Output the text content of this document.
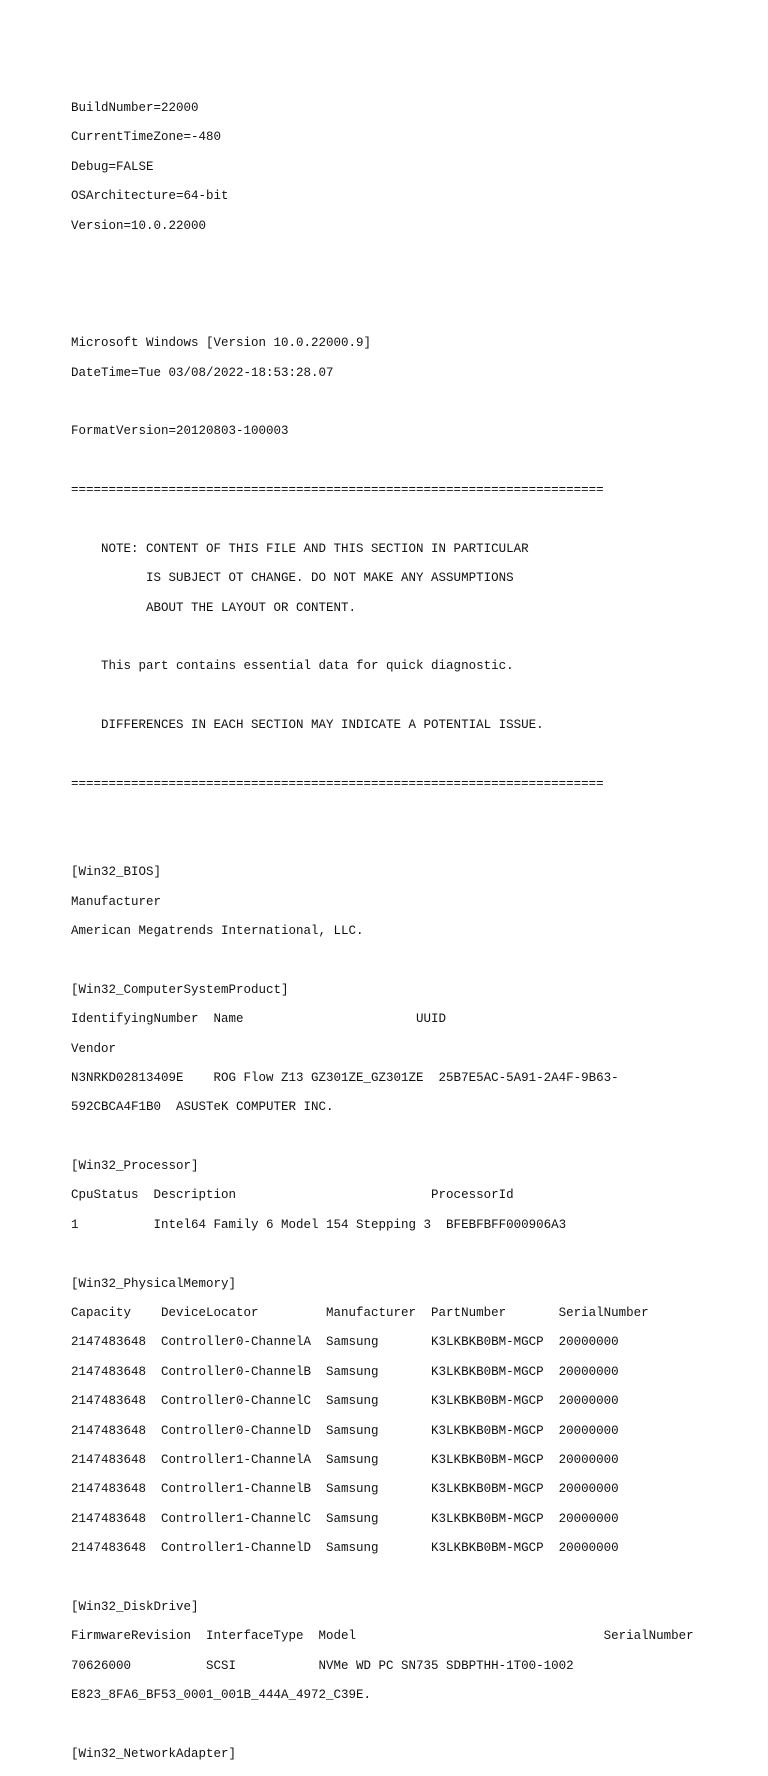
BuildNumber=22000

CurrentTimeZone=-480

Debug=FALSE

OSArchitecture=64-bit

Version=10.0.22000

Microsoft Windows [Version 10.0.22000.9]

DateTime=Tue 03/08/2022-18:53:28.07

FormatVersion=20120803-100003

=======================================================================

NOTE: CONTENT OF THIS FILE AND THIS SECTION IN PARTICULAR

IS SUBJECT OT CHANGE. DO NOT MAKE ANY ASSUMPTIONS

ABOUT THE LAYOUT OR CONTENT.

This part contains essential data for quick diagnostic.

DIFFERENCES IN EACH SECTION MAY INDICATE A POTENTIAL ISSUE.

=======================================================================

[Win32_BIOS]

Manufacturer

American Megatrends International, LLC.

[Win32_ComputerSystemProduct]

IdentifyingNumber  Name                       UUID

Vendor

N3NRKD02813409E    ROG Flow Z13 GZ301ZE_GZ301ZE  25B7E5AC-5A91-2A4F-9B63-

592CBCA4F1B0  ASUSTeK COMPUTER INC.

[Win32_Processor]

CpuStatus  Description                          ProcessorId

1          Intel64 Family 6 Model 154 Stepping 3  BFEBFBFF000906A3

[Win32_PhysicalMemory]

Capacity    DeviceLocator         Manufacturer  PartNumber       SerialNumber

2147483648  Controller0-ChannelA  Samsung       K3LKBKB0BM-MGCP  20000000

2147483648  Controller0-ChannelB  Samsung       K3LKBKB0BM-MGCP  20000000

2147483648  Controller0-ChannelC  Samsung       K3LKBKB0BM-MGCP  20000000

2147483648  Controller0-ChannelD  Samsung       K3LKBKB0BM-MGCP  20000000

2147483648  Controller1-ChannelA  Samsung       K3LKBKB0BM-MGCP  20000000

2147483648  Controller1-ChannelB  Samsung       K3LKBKB0BM-MGCP  20000000

2147483648  Controller1-ChannelC  Samsung       K3LKBKB0BM-MGCP  20000000

2147483648  Controller1-ChannelD  Samsung       K3LKBKB0BM-MGCP  20000000

[Win32_DiskDrive]

FirmwareRevision  InterfaceType  Model                                 SerialNumber

70626000          SCSI           NVMe WD PC SN735 SDBPTHH-1T00-1002

E823_8FA6_BF53_0001_001B_444A_4972_C39E.

[Win32_NetworkAdapter]
